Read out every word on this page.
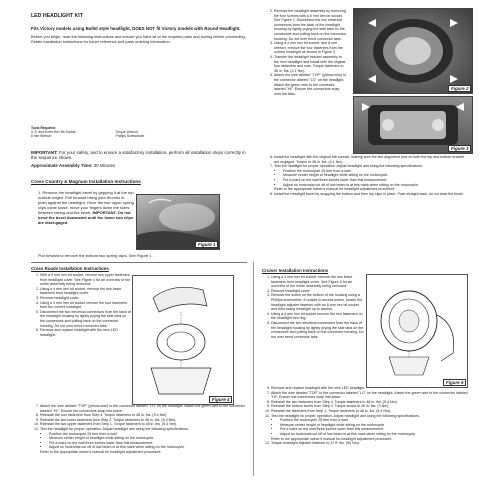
LED HEADLIGHT KIT

Fits Victory models using Bullet style headlight, DOES NOT fit Victory models with Round Headlight.

Before you begin, read the following instructions and ensure you have all of the required parts and tooling before proceeding. Retain installation instructions for future reference and parts ordering information.

Tools Required:

4, 5, and 8 mm Hex Bit Socket

8 mm Wrench

Torque Wrench

Phillips Screwdriver

IMPORTANT: For your safety, and to ensure a satisfactory installation, perform all installation steps correctly in the sequence shown.

Approximate Assembly Time: 30 Minutes

Cross Country & Magnum Installation Instructions

1. Remove the headlight bezel by gripping it at the top outside edges. Pull forward using your thumbs to push against the headlight. Once the two upper spring clips come loose, move your fingers down the sides between fairing and the bezel. IMPORTANT: Do not bend the bezel downward until the lower two clips are disengaged.

Pull forward to remove the bottom two spring clips. See Figure 1.

Figure 1
2. Remove the headlight assembly by removing the four screws with a 5 mm hex bit socket. See Figure 2. Disconnect the two electrical connectors from the back of the headlight housing by lightly prying the side tabs on the connectors and pulling back on the connector housing. Do not over bend connector tabs.
3. Using a 4 mm hex bit socket, and 8 mm wrench, remove the four fasteners from the current headlight as shown in Figure 3.
4. Transfer the headlight bracket assembly to the new headlight and install with the original four fasteners and nuts. Torque fasteners to 36 in. lbs. (4.1 Nm).
5. Attach the wire labeled "TOP" (yellow wire) to the connector labeled "LO" on the headlight. Attach the green wire to the connector labeled "HI". Ensure the connectors snap onto the tabs.
Figure 2
Figure 3
6. Install the headlight with the original M6 screws, making sure the two alignment pins on both the top and bottom bracket are engaged. Torque to 36 in. lbs. (4.1 Nm).
7. Test the headlight for proper operation. Adjust headlight aim using the following specifications.
• Position the motorcycle 25 feet from a wall.
• Measure center height of headlight while sitting on the motorcycle.
• Put a mark on the wall three inches lower than this measurement.
• Adjust so horizontal cut off of low beam is at this mark when sitting on the motorcycle.

Refer to the appropriate owner's manual for headlight adjustment procedure.

8. Install the headlight bezel by snapping the bottom and then top clips in place. Push straight back, do not twist the bezel.

Cross Roads Installation Instructions

1. With a 4 mm hex bit socket, remove two upper fasteners from headlight cover. See Figure 4 for an overview of the entire assembly being removed.
2. Using a 4 mm hex bit socket, remove the two lower fasteners from headlight cover.
3. Remove headlight cover.
4. Using a 4 mm hex bit socket remove the four fasteners from the current headlight.
5. Disconnect the two electrical connectors from the back of the headlight housing by lightly prying the side tabs on the connectors and pulling back on the connector housing. Do not over bend connector tabs.
6. Remove and replace headlight with the new LED headlight.
Figure 4
7. Attach the wire labeled "TOP" (yellow wire) to the connector labeled "LO" on the headlight. Attach the green wire to the connector labeled "HI". Ensure the connectors snap into place.
8. Reinstall the four fasteners from Step 4. Torque fasteners to 48 in. lbs. (5.4 Nm).
9. Reinstall the two lower fasteners from Step 2. Torque fasteners to 48 in. lbs. (5.4 Nm).
10. Reinstall the two upper fasteners from Step 1. Torque fasteners to 48 in. lbs. (5.4 Nm).
11. Test the headlight for proper operation. Adjust headlight aim using the following specifications.
• Position the motorcycle 25 feet from a wall.
• Measure center height of headlight while sitting on the motorcycle.
• Put a mark on the wall three inches lower than this measurement.
• Adjust so horizontal cut off of low beam is at this mark when sitting on the motorcycle.

Refer to the appropriate owner's manual for headlight adjustment procedure.

Cruiser Installation Instructions

1. Using a 4 mm hex bit socket, remove the two lower fasteners from headlight cover. See Figure 5 for an overview of the entire assembly being removed.
2. Remove headlight cover.
3. Remove the screw on the bottom of the housing using a Phillips screwdriver. If unable to access screw, loosen the headlight adjuster fastener with an 8 mm hex bit socket and then swing headlight up to access.
4. Using a 4 mm hex bit socket remove the two fasteners on the headlight trim ring.
5. Disconnect the two electrical connectors from the back of the headlight housing by lightly prying the side tabs on the connectors and pulling back on the connector housing. Do not over bend connector tabs.
Figure 5
6. Remove and replace headlight with the new LED headlight.
7. Attach the wire labeled "TOP" to the connector labeled "LO" on the headlight. Attach the green wire to the connector labeled "HI". Ensure the connectors snap into place.
8. Reinstall the two fasteners from Step 4. Torque fasteners to 48 in. lbs. (5.4 Nm).
9. Reinstall the bottom screw from Step 3. Torque screw to 26 in. lbs. (3 Nm).
10. Reinstall the fasteners from Step 1. Torque fasteners to 48 in. lbs. (5.4 Nm).
11. Test the headlight for proper operation. Adjust headlight aim using the following specifications.
• Position the motorcycle 25 feet from a wall.
• Measure center height of headlight while sitting on the motorcycle.
• Put a mark on the wall three inches lower than this measurement.
• Adjust so horizontal cut off of low beam is at this mark when sitting on the motorcycle.

Refer to the appropriate owner's manual for headlight adjustment procedure.

12. Torque headlight adjuster fastener to 37 ft. lbs. (50 Nm).
